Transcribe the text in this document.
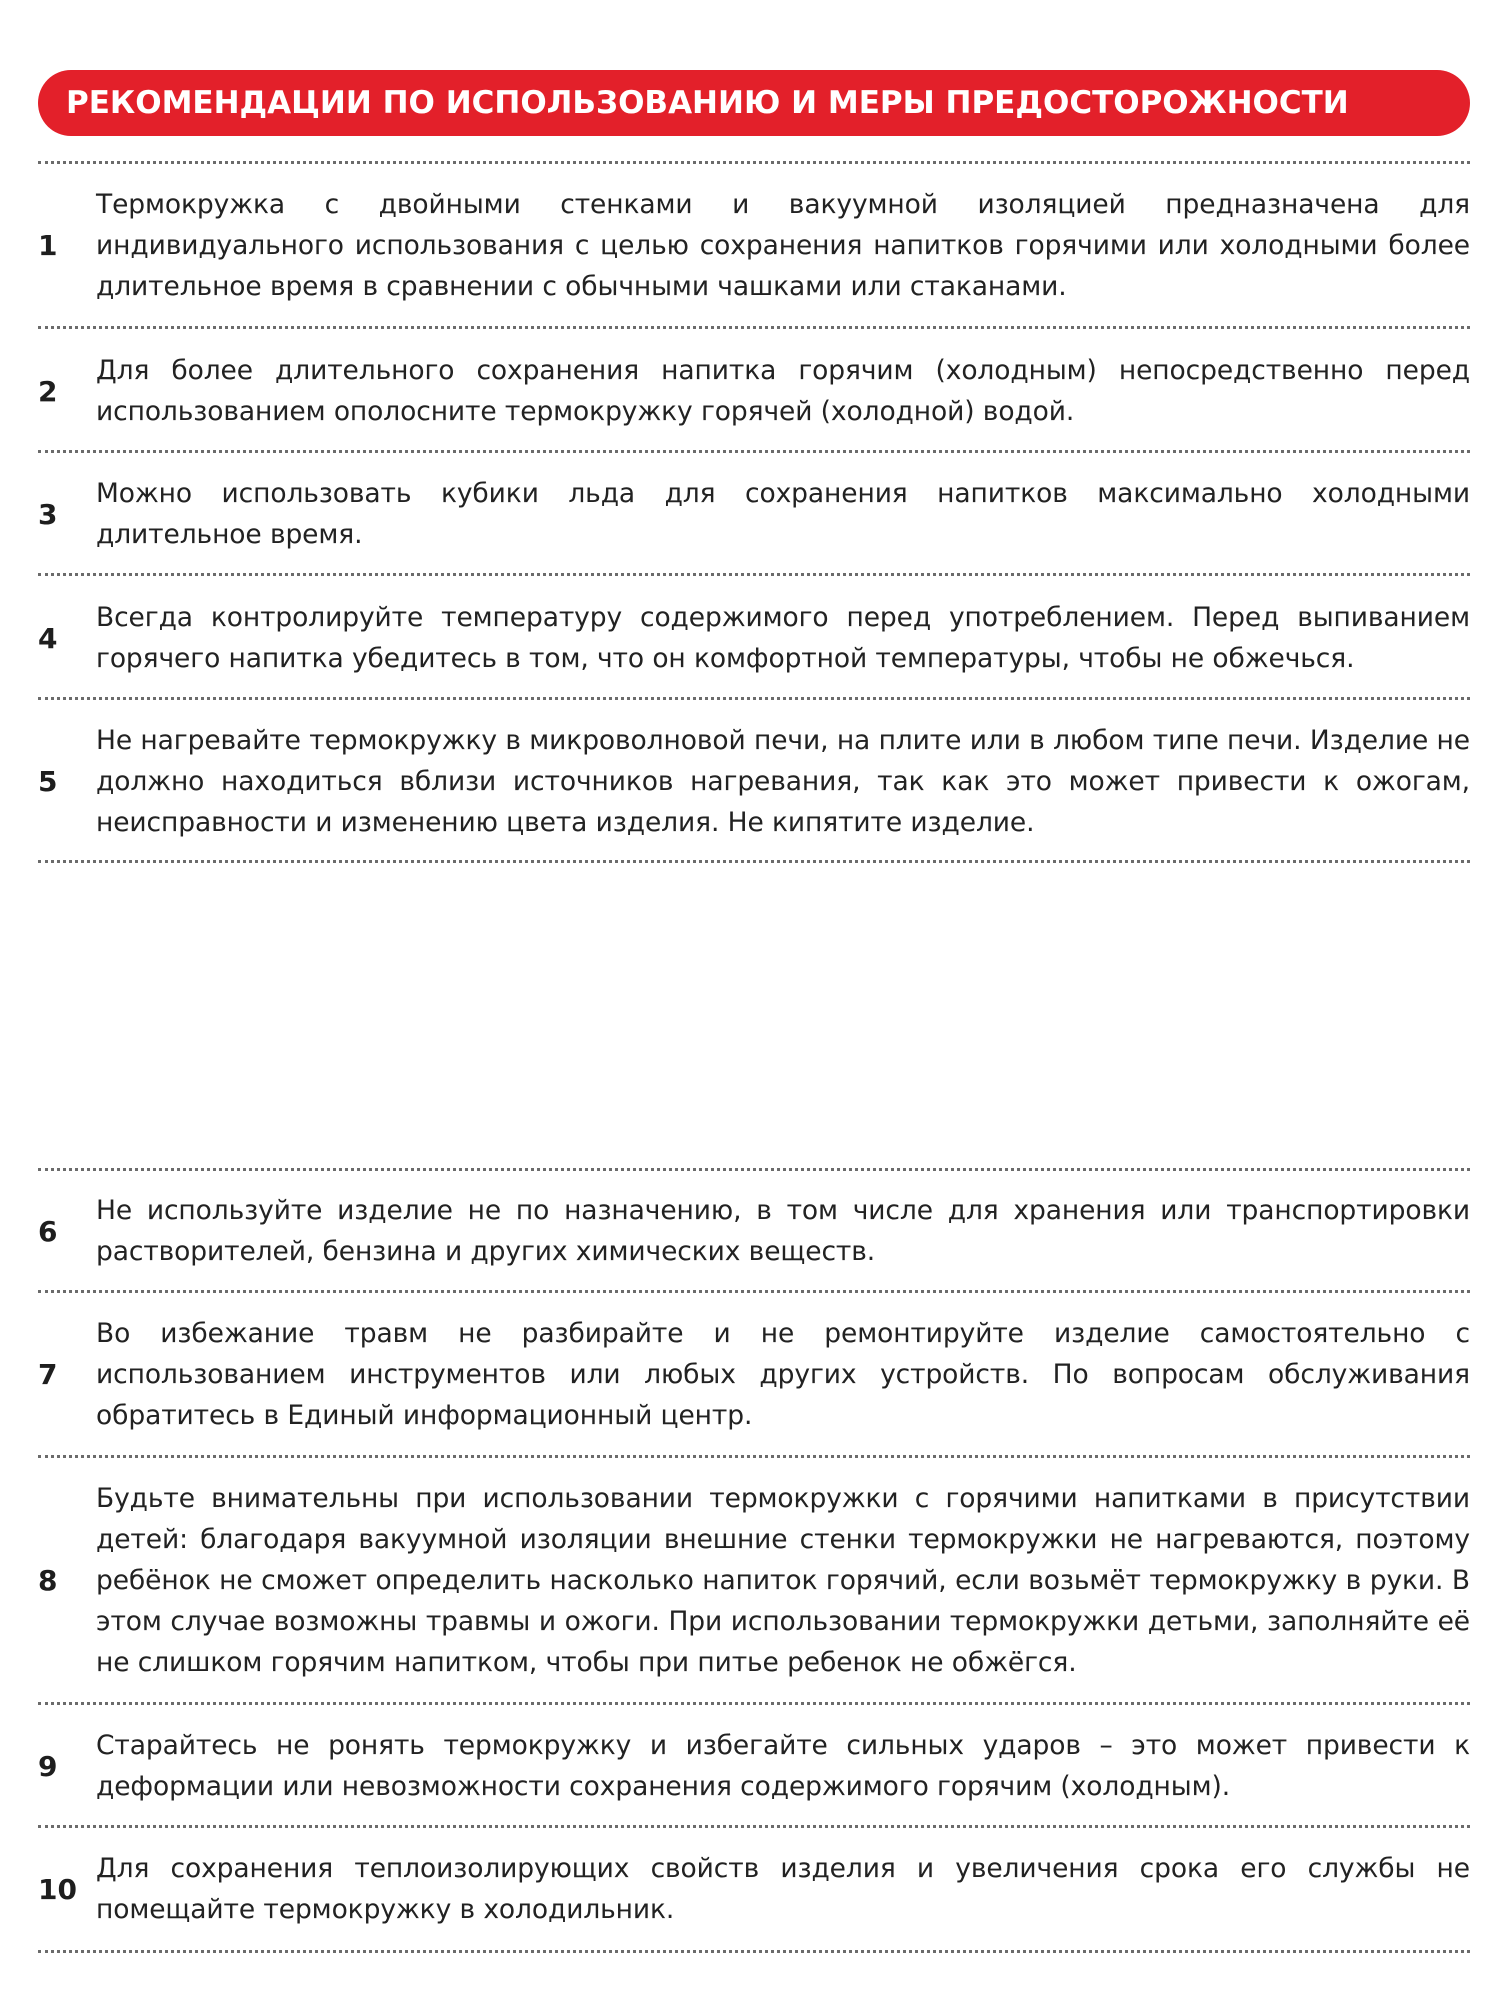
РЕКОМЕНДАЦИИ ПО ИСПОЛЬЗОВАНИЮ И МЕРЫ ПРЕДОСТОРОЖНОСТИ
1

Термокружка с двойными стенками и вакуумной изоляцией предназначена для индивидуального использования с целью сохранения напитков горячими или холодными более длительное время в сравнении с обычными чашками или стаканами.

2

Для более длительного сохранения напитка горячим (холодным) непосредственно перед использованием ополосните термокружку горячей (холодной) водой.

3

Можно использовать кубики льда для сохранения напитков максимально холодными длительное время.

4

Всегда контролируйте температуру содержимого перед употреблением. Перед выпиванием горячего напитка убедитесь в том, что он комфортной температуры, чтобы не обжечься.

5

Не нагревайте термокружку в микроволновой печи, на плите или в любом типе печи. Изделие не должно находиться вблизи источников нагревания, так как это может привести к ожогам, неисправности и изменению цвета изделия. Не кипятите изделие.

6

Не используйте изделие не по назначению, в том числе для хранения или транспортировки растворителей, бензина и других химических веществ.

7

Во избежание травм не разбирайте и не ремонтируйте изделие самостоятельно с использованием инструментов или любых других устройств. По вопросам обслуживания обратитесь в Единый информационный центр.

8

Будьте внимательны при использовании термокружки с горячими напитками в присутствии детей: благодаря вакуумной изоляции внешние стенки термокружки не нагреваются, поэтому ребёнок не сможет определить насколько напиток горячий, если возьмёт термокружку в руки. В этом случае возможны травмы и ожоги. При использовании термокружки детьми, заполняйте её не слишком горячим напитком, чтобы при питье ребенок не обжёгся.

9

Старайтесь не ронять термокружку и избегайте сильных ударов – это может привести к деформации или невозможности сохранения содержимого горячим (холодным).

10

Для сохранения теплоизолирующих свойств изделия и увеличения срока его службы не помещайте термокружку в холодильник.
